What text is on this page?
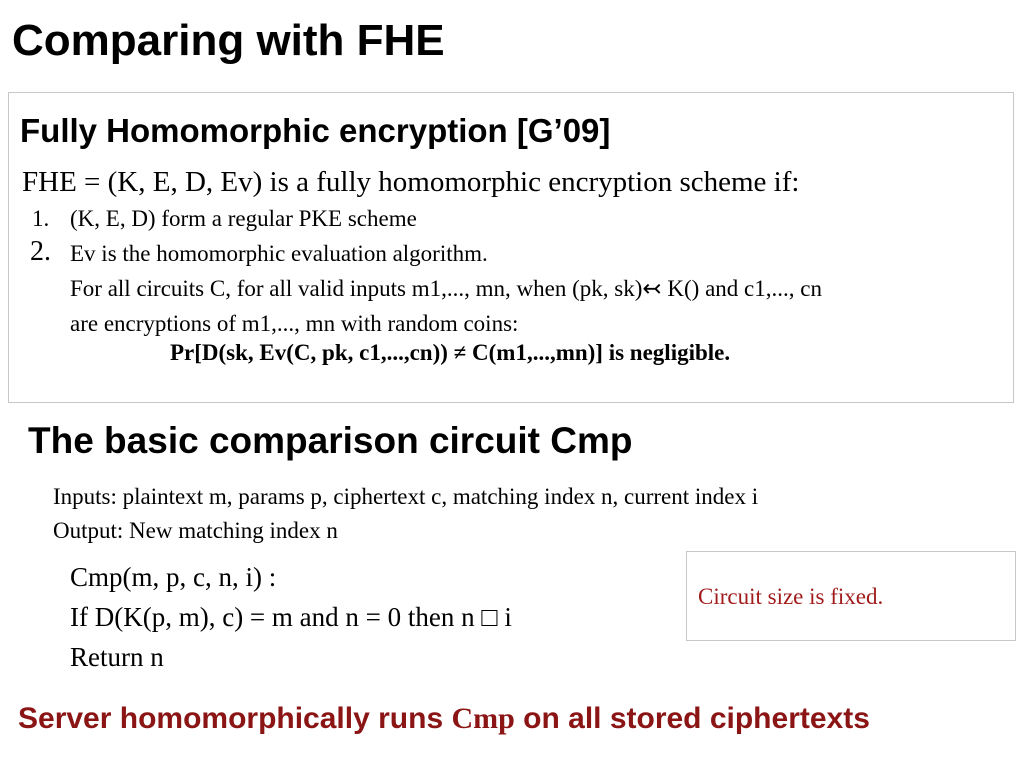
Comparing with FHE
Fully Homomorphic encryption [G’09]
FHE = (K, E, D, Ev) is a fully homomorphic encryption scheme if:
1. (K, E, D) form a regular PKE scheme
2. Ev is the homomorphic evaluation algorithm.
For all circuits C, for all valid inputs m1,..., mn, when (pk, sk)↢ K() and c1,..., cn
are encryptions of m1,..., mn with random coins:
Pr[D(sk, Ev(C, pk, c1,...,cn)) ≠ C(m1,...,mn)] is negligible.
The basic comparison circuit Cmp
Inputs: plaintext m, params p, ciphertext c, matching index n, current index i
Output: New matching index n
Cmp(m, p, c, n, i) :
If D(K(p, m), c) = m and n = 0 then n □ i
Return n
Circuit size is fixed.
Server homomorphically runs Cmp on all stored ciphertexts
